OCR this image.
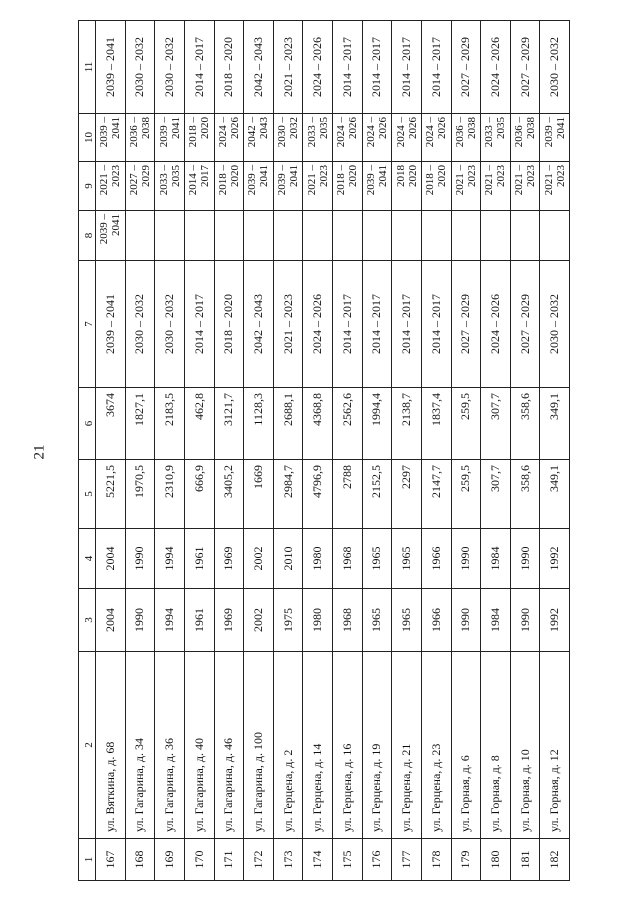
21
1	2	3	4	5	6	7	8	9	10	11
167	ул. Вяткина, д. 68	2004	2004	5221,5	3674	2039 – 2041	2039 – 2041	2021 – 2023	2039 – 2041	2039 – 2041
168	ул. Гагарина, д. 34	1990	1990	1970,5	1827,1	2030 – 2032		2027 – 2029	2036 – 2038	2030 – 2032
169	ул. Гагарина, д. 36	1994	1994	2310,9	2183,5	2030 – 2032		2033 – 2035	2039 – 2041	2030 – 2032
170	ул. Гагарина, д. 40	1961	1961	666,9	462,8	2014 – 2017		2014 – 2017	2018 – 2020	2014 – 2017
171	ул. Гагарина, д. 46	1969	1969	3405,2	3121,7	2018 – 2020		2018 – 2020	2024 – 2026	2018 – 2020
172	ул. Гагарина, д. 100	2002	2002	1669	1128,3	2042 – 2043		2039 – 2041	2042 – 2043	2042 – 2043
173	ул. Герцена, д. 2	1975	2010	2984,7	2688,1	2021 – 2023		2039 – 2041	2030 – 2032	2021 – 2023
174	ул. Герцена, д. 14	1980	1980	4796,9	4368,8	2024 – 2026		2021 – 2023	2033 – 2035	2024 – 2026
175	ул. Герцена, д. 16	1968	1968	2788	2562,6	2014 – 2017		2018 – 2020	2024 – 2026	2014 – 2017
176	ул. Герцена, д. 19	1965	1965	2152,5	1994,4	2014 – 2017		2039 – 2041	2024 – 2026	2014 – 2017
177	ул. Герцена, д. 21	1965	1965	2297	2138,7	2014 – 2017		2018 2020	2024 – 2026	2014 – 2017
178	ул. Герцена, д. 23	1966	1966	2147,7	1837,4	2014 – 2017		2018 – 2020	2024 – 2026	2014 – 2017
179	ул. Горная, д. 6	1990	1990	259,5	259,5	2027 – 2029		2021 – 2023	2036 – 2038	2027 – 2029
180	ул. Горная, д. 8	1984	1984	307,7	307,7	2024 – 2026		2021 – 2023	2033 – 2035	2024 – 2026
181	ул. Горная, д. 10	1990	1990	358,6	358,6	2027 – 2029		2021 – 2023	2036 – 2038	2027 – 2029
182	ул. Горная, д. 12	1992	1992	349,1	349,1	2030 – 2032		2021 – 2023	2039 – 2041	2030 – 2032
